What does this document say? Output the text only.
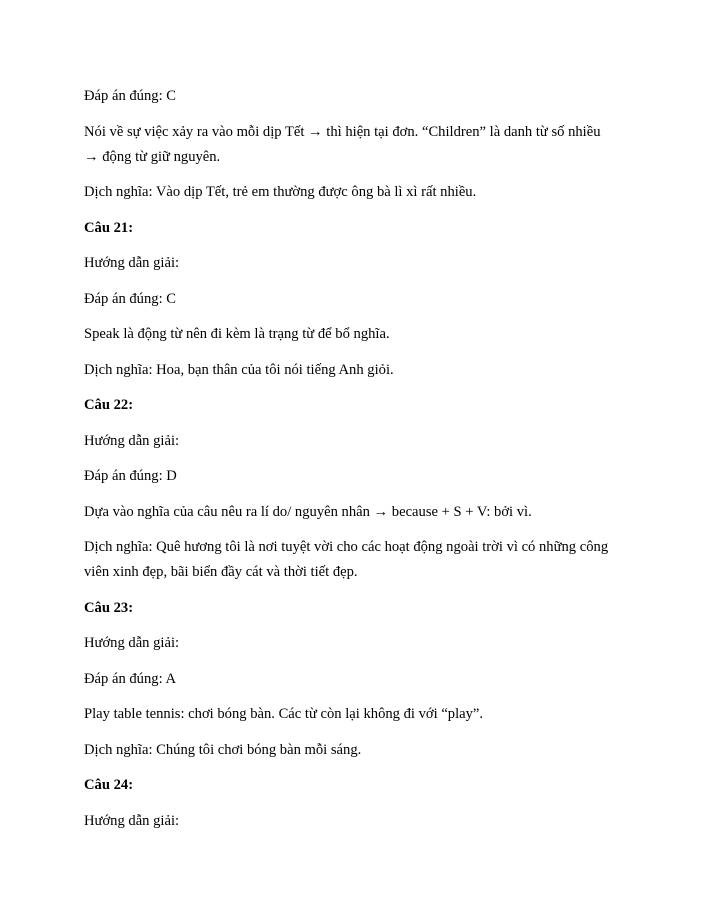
Đáp án đúng: C

Nói về sự việc xảy ra vào mỗi dịp Tết → thì hiện tại đơn. “Children” là danh từ số nhiều

→ động từ giữ nguyên.

Dịch nghĩa: Vào dịp Tết, trẻ em thường được ông bà lì xì rất nhiều.

Câu 21:

Hướng dẫn giải:

Đáp án đúng: C

Speak là động từ nên đi kèm là trạng từ để bổ nghĩa.

Dịch nghĩa: Hoa, bạn thân của tôi nói tiếng Anh giỏi.

Câu 22:

Hướng dẫn giải:

Đáp án đúng: D

Dựa vào nghĩa của câu nêu ra lí do/ nguyên nhân → because + S + V: bởi vì.

Dịch nghĩa: Quê hương tôi là nơi tuyệt vời cho các hoạt động ngoài trời vì có những công

viên xinh đẹp, bãi biển đầy cát và thời tiết đẹp.

Câu 23:

Hướng dẫn giải:

Đáp án đúng: A

Play table tennis: chơi bóng bàn. Các từ còn lại không đi với “play”.

Dịch nghĩa: Chúng tôi chơi bóng bàn mỗi sáng.

Câu 24:

Hướng dẫn giải:
